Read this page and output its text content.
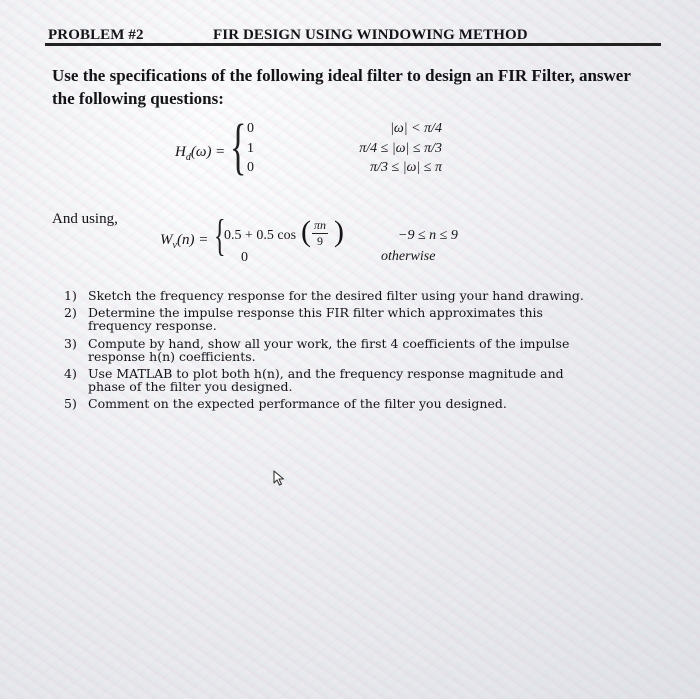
PROBLEM #2	FIR DESIGN USING WINDOWING METHOD
Use the specifications of the following ideal filter to design an FIR Filter, answer the following questions:
$H_d(\omega)$ = { 0
1
0
|ω| < π/4
π/4 ≤ |ω| ≤ π/3
π/3 ≤ |ω| ≤ π
And using,
$W_v(n)$ = {
0.5 + 0.5 cos ( $\frac{\pi n}{9}$ )
0
−9 ≤ n ≤ 9
otherwise
1) Sketch the frequency response for the desired filter using your hand drawing.
2) Determine the impulse response this FIR filter which approximates this frequency response.
3) Compute by hand, show all your work, the first 4 coefficients of the impulse response h(n) coefficients.
4) Use MATLAB to plot both h(n), and the frequency response magnitude and phase of the filter you designed.
5) Comment on the expected performance of the filter you designed.
